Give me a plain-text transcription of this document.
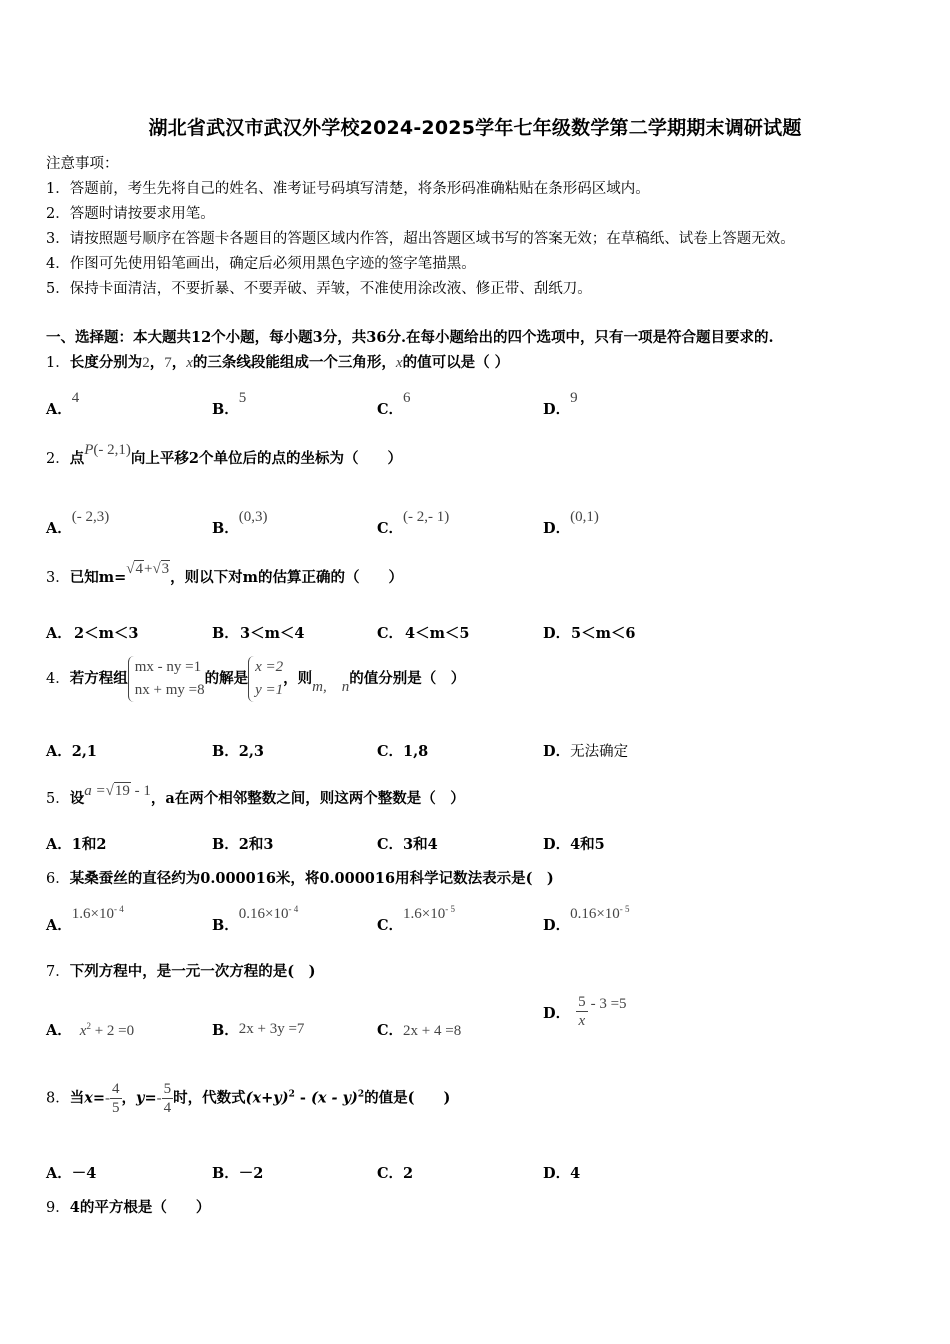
湖北省武汉市武汉外学校2024-2025学年七年级数学第二学期期末调研试题
注意事项：
1．答题前，考生先将自己的姓名、准考证号码填写清楚，将条形码准确粘贴在条形码区域内。
2．答题时请按要求用笔。
3．请按照题号顺序在答题卡各题目的答题区域内作答，超出答题区域书写的答案无效；在草稿纸、试卷上答题无效。
4．作图可先使用铅笔画出，确定后必须用黑色字迹的签字笔描黑。
5．保持卡面清洁，不要折暴、不要弄破、弄皱，不准使用涂改液、修正带、刮纸刀。
一、选择题：本大题共12个小题，每小题3分，共36分.在每小题给出的四个选项中，只有一项是符合题目要求的.
1．长度分别为2，7，x的三条线段能组成一个三角形，x的值可以是（ ）
A．4
B．5
C．6
D．9
2．点P(- 2,1)向上平移2个单位后的点的坐标为（　　）
A．(- 2,3)
B．(0,3)
C．(- 2,- 1)
D．(0,1)
3．已知m=√4+√3，则以下对m的估算正确的（　　）
A． 2＜m＜3	B． 3＜m＜4	C． 4＜m＜5	D． 5＜m＜6
4．若方程组
mx - ny =1
nx + my =8
的解是
x =2
y =1
，则m,　n的值分别是（　）
A．2,1	B．2,3	C．1,8	D．无法确定
5．设a =√19 - 1，a在两个相邻整数之间，则这两个整数是（　）
A．1和2	B．2和3	C．3和4	D．4和5
6．某桑蚕丝的直径约为0.000016米，将0.000016用科学记数法表示是(　)
A．$1.6\times 10^{- 4}$
B．$0.16\times 10^{- 4}$
C．$1.6\times 10^{- 5}$
D．$0.16\times 10^{- 5}$
7．下列方程中，是一元一次方程的是(　)
A． $x^2 + 2 =0$	B．2x + 3y =7	C．2x + 4 =8
D． $\frac{5}{x} - 3 =5$
8．当$x=- \frac{4}{5}$ ，$y=- \frac{5}{4}$ 时，代数式$(x+y)^2 - (x - y)^2$的值是(　　)
A．－4	B．－2	C．2	D．4
9．4的平方根是（　　）
